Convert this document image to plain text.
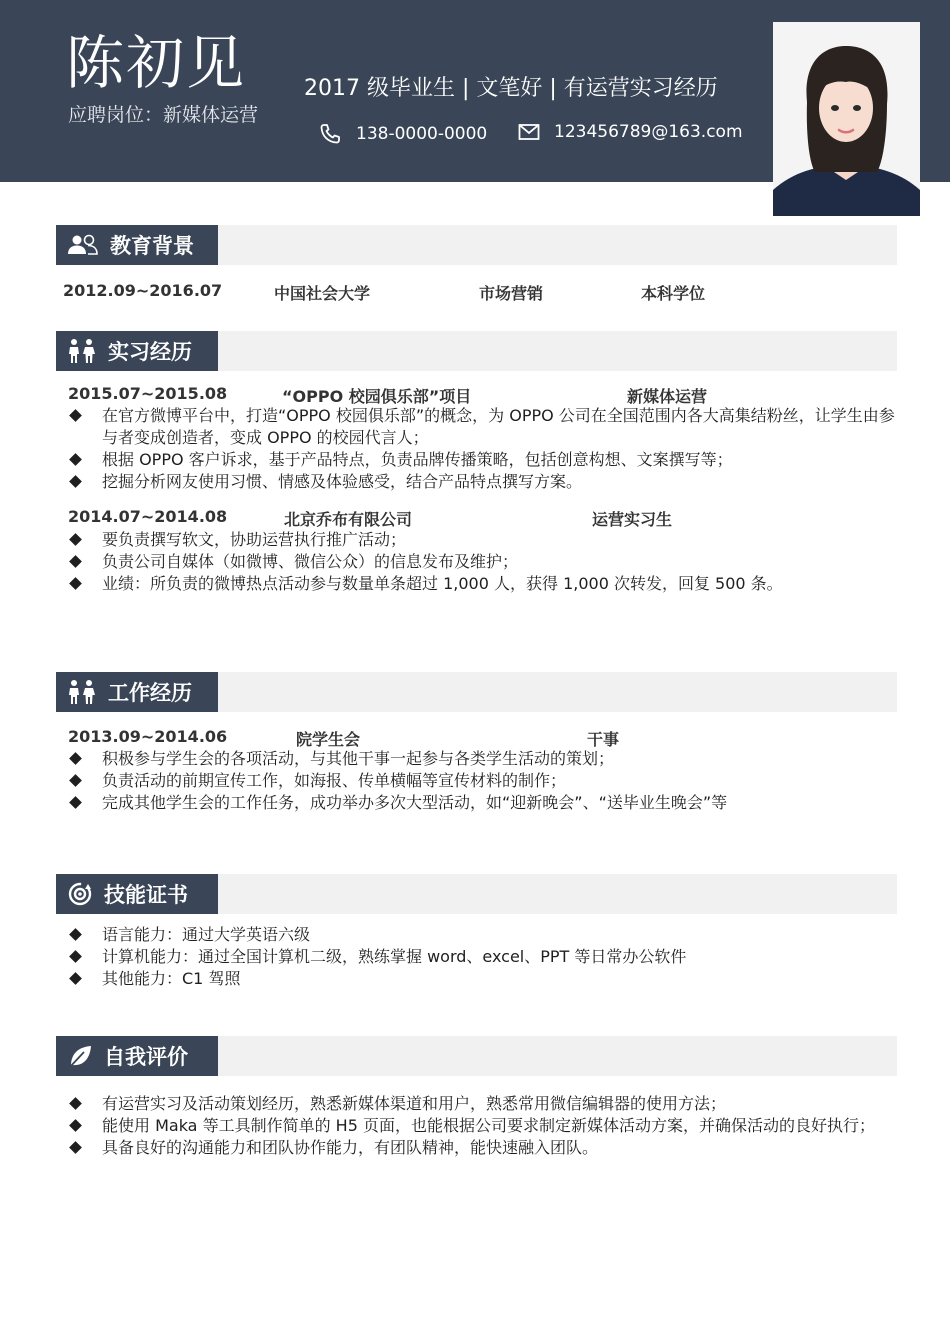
陈初见
应聘岗位：新媒体运营
2017 级毕业生 | 文笔好 | 有运营实习经历
138-0000-0000	123456789@163.com
教育背景
2012.09~2016.07	中国社会大学	市场营销	本科学位
实习经历
2015.07~2015.08	“OPPO 校园俱乐部”项目	新媒体运营
在官方微博平台中，打造“OPPO 校园俱乐部”的概念，为 OPPO 公司在全国范围内各大高集结粉丝，让学生由参与者变成创造者，变成 OPPO 的校园代言人；
根据 OPPO 客户诉求，基于产品特点，负责品牌传播策略，包括创意构想、文案撰写等；
挖掘分析网友使用习惯、情感及体验感受，结合产品特点撰写方案。
2014.07~2014.08	北京乔布有限公司	运营实习生
要负责撰写软文，协助运营执行推广活动；
负责公司自媒体（如微博、微信公众）的信息发布及维护；
业绩：所负责的微博热点活动参与数量单条超过 1,000 人，获得 1,000 次转发，回复 500 条。
工作经历
2013.09~2014.06	院学生会	干事
积极参与学生会的各项活动，与其他干事一起参与各类学生活动的策划；
负责活动的前期宣传工作，如海报、传单横幅等宣传材料的制作；
完成其他学生会的工作任务，成功举办多次大型活动，如“迎新晚会”、“送毕业生晚会”等
技能证书
语言能力：通过大学英语六级
计算机能力：通过全国计算机二级，熟练掌握 word、excel、PPT 等日常办公软件
其他能力：C1 驾照
自我评价
有运营实习及活动策划经历，熟悉新媒体渠道和用户，熟悉常用微信编辑器的使用方法；
能使用 Maka 等工具制作简单的 H5 页面，也能根据公司要求制定新媒体活动方案，并确保活动的良好执行；
具备良好的沟通能力和团队协作能力，有团队精神，能快速融入团队。
